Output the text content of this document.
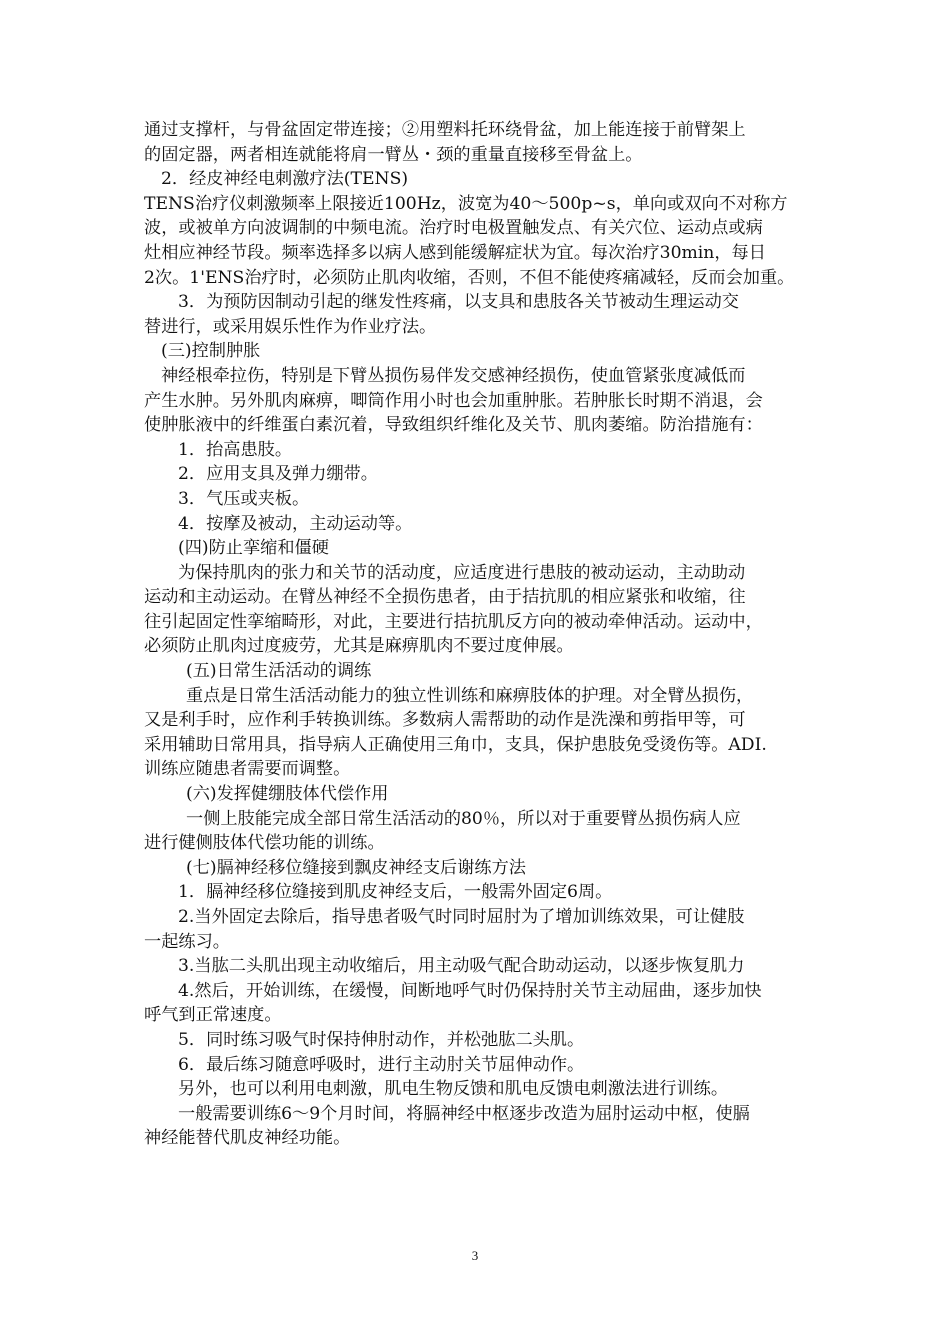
通过支撑杆，与骨盆固定带连接；②用塑料托环绕骨盆，加上能连接于前臂架上
的固定器，两者相连就能将肩一臂丛・颈的重量直接移至骨盆上。
2．经皮神经电刺激疗法(TENS)
TENS治疗仪刺激频率上限接近100Hz，波宽为40～500p~s，单向或双向不对称方
波，或被单方向波调制的中频电流。治疗时电极置触发点、有关穴位、运动点或病
灶相应神经节段。频率选择多以病人感到能缓解症状为宜。每次治疗30min，每日
2次。1'ENS治疗时，必须防止肌肉收缩，否则，不但不能使疼痛减轻，反而会加重。
3．为预防因制动引起的继发性疼痛，以支具和患肢各关节被动生理运动交
替进行，或采用娱乐性作为作业疗法。
(三)控制肿胀
神经根牵拉伤，特别是下臂丛损伤易伴发交感神经损伤，使血管紧张度减低而
产生水肿。另外肌肉麻痹，唧筒作用小时也会加重肿胀。若肿胀长时期不消退，会
使肿胀液中的纤维蛋白素沉着，导致组织纤维化及关节、肌肉萎缩。防治措施有：
1．抬高患肢。
2．应用支具及弹力绷带。
3．气压或夹板。
4．按摩及被动，主动运动等。
(四)防止挛缩和僵硬
为保持肌肉的张力和关节的活动度，应适度进行患肢的被动运动，主动助动
运动和主动运动。在臂丛神经不全损伤患者，由于拮抗肌的相应紧张和收缩，往
往引起固定性挛缩畸形，对此，主要进行拮抗肌反方向的被动牵伸活动。运动中，
必须防止肌肉过度疲劳，尤其是麻痹肌肉不要过度伸展。
(五)日常生活活动的调练
重点是日常生活活动能力的独立性训练和麻痹肢体的护理。对全臂丛损伤，
又是利手时，应作利手转换训练。多数病人需帮助的动作是洗澡和剪指甲等，可
采用辅助日常用具，指导病人正确使用三角巾，支具，保护患肢免受烫伤等。ADI.
训练应随患者需要而调整。
(六)发挥健绷肢体代偿作用
一侧上肢能完成全部日常生活活动的80％，所以对于重要臂丛损伤病人应
进行健侧肢体代偿功能的训练。
(七)膈神经移位缝接到飘皮神经支后谢练方法
1．膈神经移位缝接到肌皮神经支后，一般需外固定6周。
2.当外固定去除后，指导患者吸气时同时屈肘为了增加训练效果，可让健肢
一起练习。
3.当肱二头肌出现主动收缩后，用主动吸气配合助动运动，以逐步恢复肌力
4.然后，开始训练，在缓慢，间断地呼气时仍保持肘关节主动屈曲，逐步加快
呼气到正常速度。
5．同时练习吸气时保持伸肘动作，并松弛肱二头肌。
6．最后练习随意呼吸时，进行主动肘关节屈伸动作。
另外，也可以利用电刺激，肌电生物反馈和肌电反馈电刺激法进行训练。
一般需要训练6～9个月时间，将膈神经中枢逐步改造为屈肘运动中枢，使膈
神经能替代肌皮神经功能。
3
